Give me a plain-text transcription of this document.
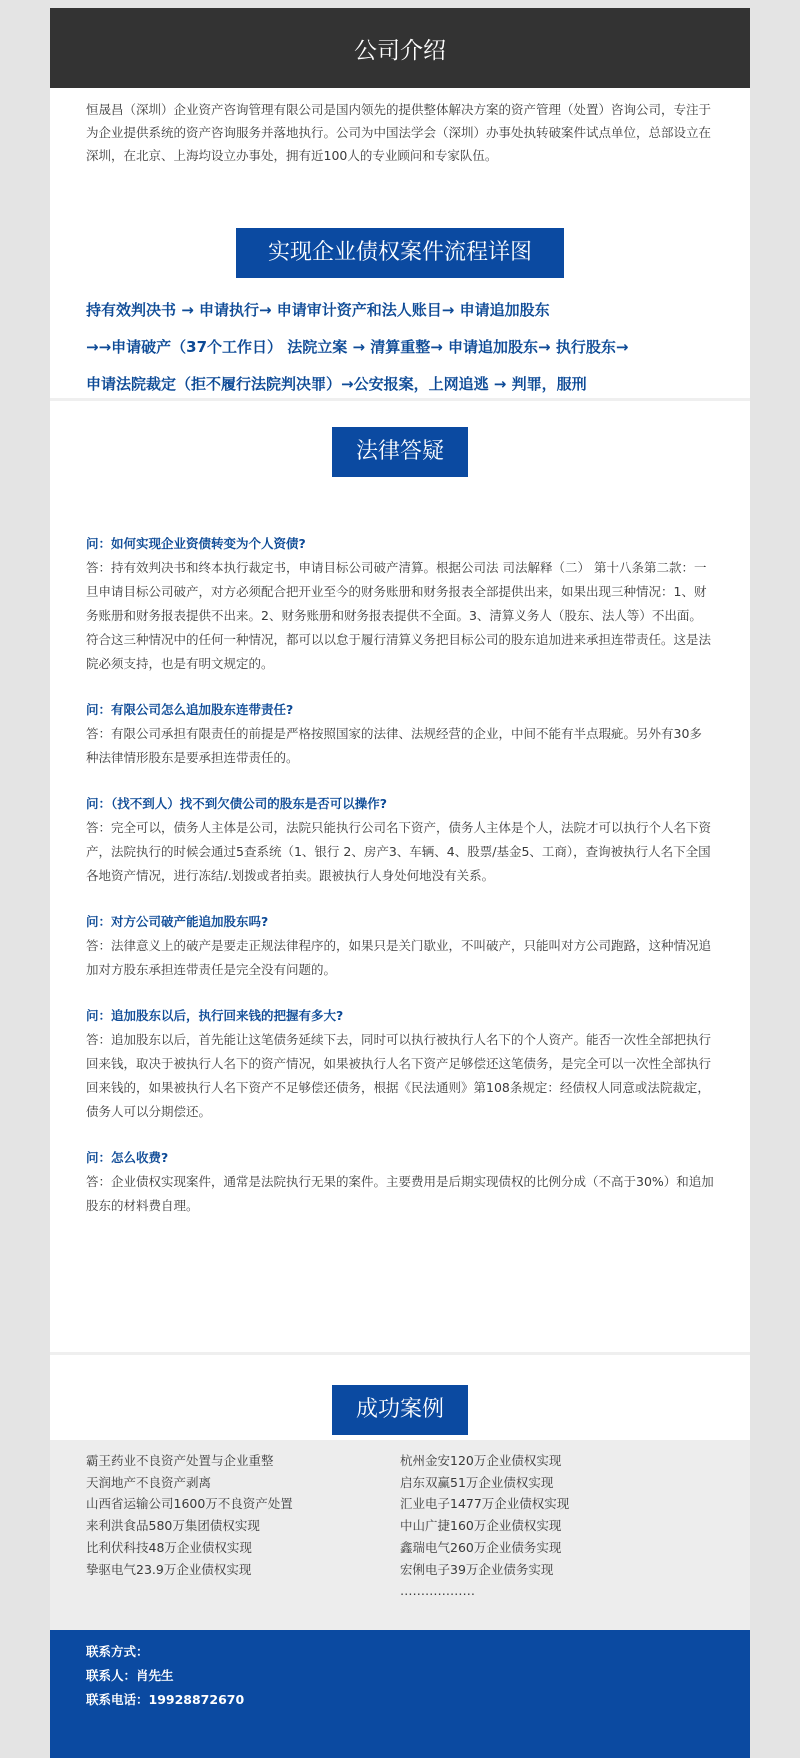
公司介绍
恒晟昌（深圳）企业资产咨询管理有限公司是国内领先的提供整体解决方案的资产管理（处置）咨询公司，专注于为企业提供系统的资产咨询服务并落地执行。公司为中国法学会（深圳）办事处执转破案件试点单位，总部设立在深圳，在北京、上海均设立办事处，拥有近100人的专业顾问和专家队伍。
实现企业债权案件流程详图
持有效判决书 → 申请执行→ 申请审计资产和法人账目→ 申请追加股东
→→申请破产（37个工作日） 法院立案 → 清算重整→ 申请追加股东→ 执行股东→
申请法院裁定（拒不履行法院判决罪）→公安报案，上网追逃 → 判罪，服刑
法律答疑
问：如何实现企业资债转变为个人资债?
答：持有效判决书和终本执行裁定书，申请目标公司破产清算。根据公司法 司法解释（二） 第十八条第二款：一旦申请目标公司破产，对方必须配合把开业至今的财务账册和财务报表全部提供出来，如果出现三种情况：1、财务账册和财务报表提供不出来。2、财务账册和财务报表提供不全面。3、清算义务人（股东、法人等）不出面。符合这三种情况中的任何一种情况，都可以以怠于履行清算义务把目标公司的股东追加进来承担连带责任。这是法院必须支持，也是有明文规定的。
问：有限公司怎么追加股东连带责任?
答：有限公司承担有限责任的前提是严格按照国家的法律、法规经营的企业，中间不能有半点瑕疵。另外有30多种法律情形股东是要承担连带责任的。
问：（找不到人）找不到欠债公司的股东是否可以操作?
答：完全可以，债务人主体是公司，法院只能执行公司名下资产，债务人主体是个人，法院才可以执行个人名下资产，法院执行的时候会通过5查系统（1、银行 2、房产3、车辆、4、股票/基金5、工商），查询被执行人名下全国各地资产情况，进行冻结/.划拨或者拍卖。跟被执行人身处何地没有关系。
问：对方公司破产能追加股东吗?
答：法律意义上的破产是要走正规法律程序的，如果只是关门歇业，不叫破产，只能叫对方公司跑路，这种情况追加对方股东承担连带责任是完全没有问题的。
问：追加股东以后，执行回来钱的把握有多大?
答：追加股东以后，首先能让这笔债务延续下去，同时可以执行被执行人名下的个人资产。能否一次性全部把执行回来钱，取决于被执行人名下的资产情况，如果被执行人名下资产足够偿还这笔债务，是完全可以一次性全部执行回来钱的，如果被执行人名下资产不足够偿还债务，根据《民法通则》第108条规定：经债权人同意或法院裁定，债务人可以分期偿还。
问：怎么收费?
答：企业债权实现案件，通常是法院执行无果的案件。主要费用是后期实现债权的比例分成（不高于30%）和追加股东的材料费自理。
成功案例
霸王药业不良资产处置与企业重整
天润地产不良资产剥离
山西省运输公司1600万不良资产处置
来利洪食品580万集团债权实现
比利伏科技48万企业债权实现
挚驱电气23.9万企业债权实现
杭州金安120万企业债权实现
启东双赢51万企业债权实现
汇业电子1477万企业债权实现
中山广捷160万企业债权实现
鑫瑞电气260万企业债务实现
宏俐电子39万企业债务实现
………………
联系方式：
联系人：肖先生
联系电话：19928872670
